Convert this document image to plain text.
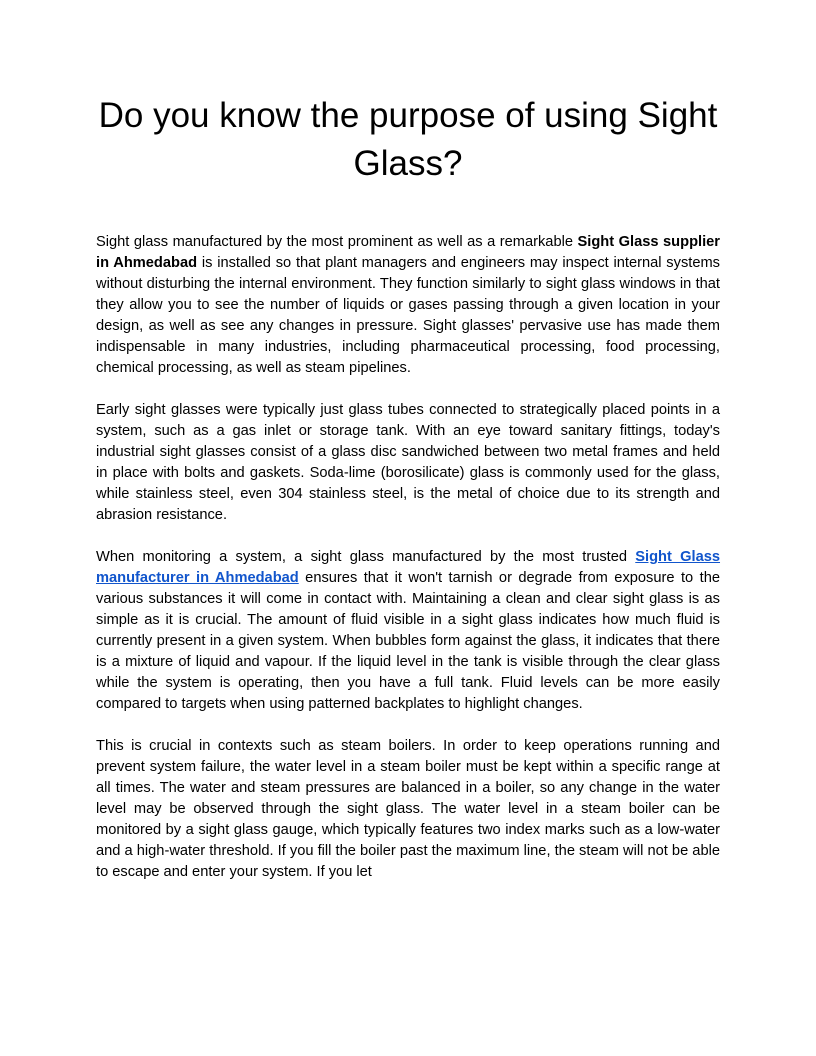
Do you know the purpose of using Sight Glass?

Sight glass manufactured by the most prominent as well as a remarkable Sight Glass supplier in Ahmedabad is installed so that plant managers and engineers may inspect internal systems without disturbing the internal environment. They function similarly to sight glass windows in that they allow you to see the number of liquids or gases passing through a given location in your design, as well as see any changes in pressure. Sight glasses' pervasive use has made them indispensable in many industries, including pharmaceutical processing, food processing, chemical processing, as well as steam pipelines.

Early sight glasses were typically just glass tubes connected to strategically placed points in a system, such as a gas inlet or storage tank. With an eye toward sanitary fittings, today's industrial sight glasses consist of a glass disc sandwiched between two metal frames and held in place with bolts and gaskets. Soda-lime (borosilicate) glass is commonly used for the glass, while stainless steel, even 304 stainless steel, is the metal of choice due to its strength and abrasion resistance.

When monitoring a system, a sight glass manufactured by the most trusted Sight Glass manufacturer in Ahmedabad ensures that it won't tarnish or degrade from exposure to the various substances it will come in contact with. Maintaining a clean and clear sight glass is as simple as it is crucial. The amount of fluid visible in a sight glass indicates how much fluid is currently present in a given system. When bubbles form against the glass, it indicates that there is a mixture of liquid and vapour. If the liquid level in the tank is visible through the clear glass while the system is operating, then you have a full tank. Fluid levels can be more easily compared to targets when using patterned backplates to highlight changes.

This is crucial in contexts such as steam boilers. In order to keep operations running and prevent system failure, the water level in a steam boiler must be kept within a specific range at all times. The water and steam pressures are balanced in a boiler, so any change in the water level may be observed through the sight glass. The water level in a steam boiler can be monitored by a sight glass gauge, which typically features two index marks such as a low-water and a high-water threshold. If you fill the boiler past the maximum line, the steam will not be able to escape and enter your system. If you let
